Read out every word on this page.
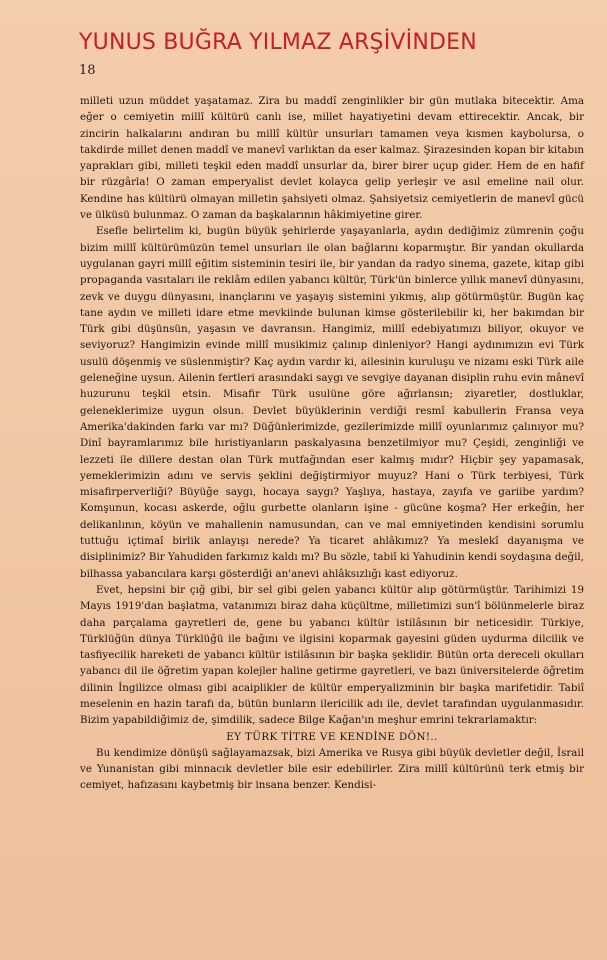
YUNUS BUĞRA YILMAZ ARŞİVİNDEN
18

milleti uzun müddet yaşatamaz. Zira bu maddî zenginlikler bir gün mutlaka bitecektir. Ama eğer o cemiyetin millî kültürü canlı ise, millet hayatiyetini devam ettirecektir. Ancak, bir zincirin halkalarını andıran bu millî kültür unsurları tamamen veya kısmen kaybolursa, o takdirde millet denen maddî ve manevî varlıktan da eser kalmaz. Şirazesinden kopan bir kitabın yaprakları gibi, milleti teşkil eden maddî unsurlar da, birer birer uçup gider. Hem de en hafif bir rüzgârla! O zaman emperyalist devlet kolayca gelip yerleşir ve asıl emeline nail olur. Kendine has kültürü olmayan milletin şahsiyeti olmaz. Şahsiyetsiz cemiyetlerin de manevî gücü ve ülküsü bulunmaz. O zaman da başkalarının hâkimiyetine girer.

Esefle belirtelim ki, bugün büyük şehirlerde yaşayanlarla, aydın dediğimiz zümrenin çoğu bizim millî kültürümüzün temel unsurları ile olan bağlarını koparmıştır. Bir yandan okullarda uygulanan gayri millî eğitim sisteminin tesiri ile, bir yandan da radyo sinema, gazete, kitap gibi propaganda vasıtaları ile reklâm edilen yabancı kültür, Türk'ün binlerce yıllık manevî dünyasını, zevk ve duygu dünyasını, inançlarını ve yaşayış sistemini yıkmış, alıp götürmüştür. Bugün kaç tane aydın ve milleti idare etme mevkiinde bulunan kimse gösterilebilir ki, her bakımdan bir Türk gibi düşünsün, yaşasın ve davransın. Hangimiz, millî edebiyatımızı biliyor, okuyor ve seviyoruz? Hangimizin evinde millî musikimiz çalınıp dinleniyor? Hangi aydınımızın evi Türk usulü döşenmiş ve süslenmiştir? Kaç aydın vardır ki, ailesinin kuruluşu ve nizamı eski Türk aile geleneğine uysun. Ailenin fertleri arasındaki saygı ve sevgiye dayanan disiplin ruhu evin mânevî huzurunu teşkil etsin. Misafir Türk usulüne göre ağırlansın; ziyaretler, dostluklar, geleneklerimize uygun olsun. Devlet büyüklerinin verdiği resmî kabullerin Fransa veya Amerika'dakinden farkı var mı? Düğünlerimizde, gezilerimizde millî oyunlarımız çalınıyor mu? Dinî bayramlarımız bile hıristiyanların paskalyasına benzetilmiyor mu? Çeşidi, zenginliği ve lezzeti ile dillere destan olan Türk mutfağından eser kalmış mıdır? Hiçbir şey yapamasak, yemeklerimizin adını ve servis şeklini değiştirmiyor muyuz? Hani o Türk terbiyesi, Türk misafirperverliği? Büyüğe saygı, hocaya saygı? Yaşlıya, hastaya, zayıfa ve gariibe yardım? Komşunun, kocası askerde, oğlu gurbette olanların işine - gücüne koşma? Her erkeğin, her delikanlının, köyün ve mahallenin namusundan, can ve mal emniyetinden kendisini sorumlu tuttuğu içtimaî birlik anlayışı nerede? Ya ticaret ahlâkımız? Ya meslekî dayanışma ve disiplinimiz? Bir Yahudiden farkımız kaldı mı? Bu sözle, tabiî ki Yahudinin kendi soydaşına değil, bilhassa yabancılara karşı gösterdiği an'anevi ahlâksızlığı kast ediyoruz.

Evet, hepsini bir çığ gibi, bir sel gibi gelen yabancı kültür alıp götürmüştür. Tarihimizi 19 Mayıs 1919'dan başlatma, vatanımızı biraz daha küçültme, milletimizi sun'î bölünmelerle biraz daha parçalama gayretleri de, gene bu yabancı kültür istilâsının bir neticesidir. Türkiye, Türklüğün dünya Türklüğü ile bağını ve ilgisini koparmak gayesini güden uydurma dilcilik ve tasfiyecilik hareketi de yabancı kültür istilâsının bir başka şeklidir. Bütün orta dereceli okulları yabancı dil ile öğretim yapan kolejler haline getirme gayretleri, ve bazı üniversitelerde öğretim dilinin İngilizce olması gibi acaiplikler de kültür emperyalizminin bir başka marifetidir. Tabiî meselenin en hazin tarafı da, bütün bunların ilericilik adı ile, devlet tarafından uygulanmasıdır. Bizim yapabildiğimiz de, şimdilik, sadece Bilge Kağan'ın meşhur emrini tekrarlamaktır:

EY TÜRK TİTRE VE KENDİNE DÖN!..

Bu kendimize dönüşü sağlayamazsak, bizi Amerika ve Rusya gibi büyük devletler değil, İsrail ve Yunanistan gibi minnacık devletler bile esir edebilirler. Zira millî kültürünü terk etmiş bir cemiyet, hafızasını kaybetmiş bir insana benzer. Kendisi-
